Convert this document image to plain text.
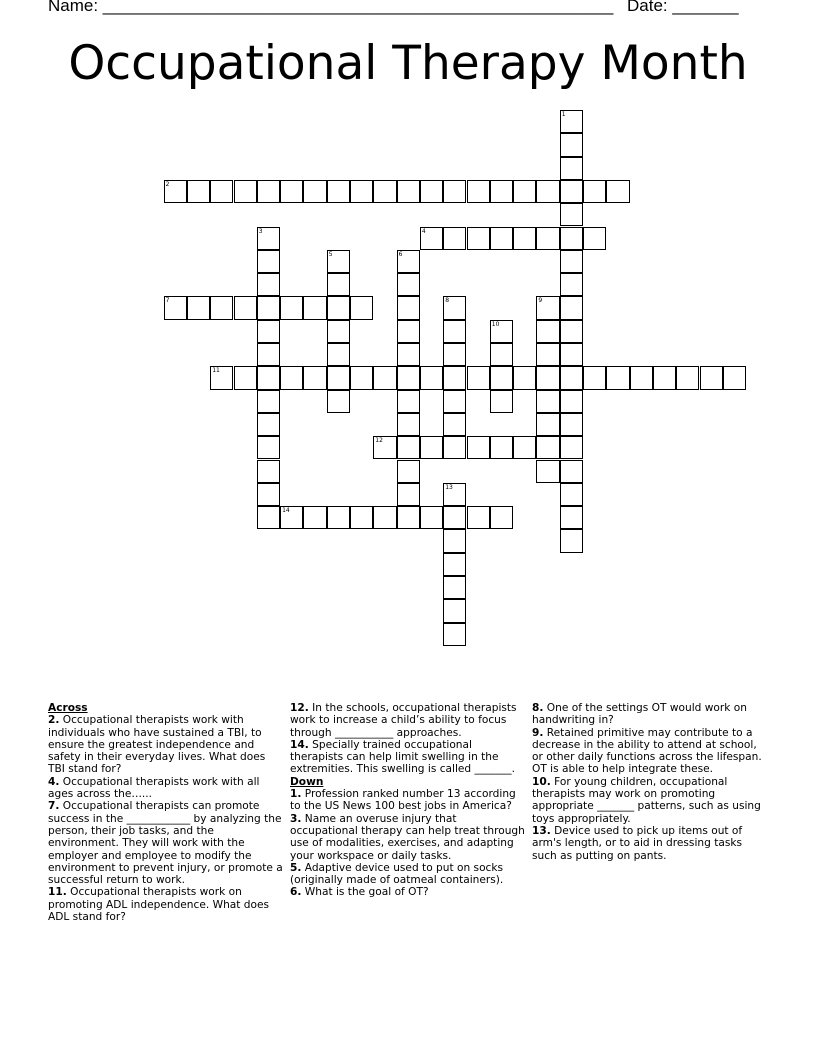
Name: ______________________________________________________ Date: _______
Occupational Therapy Month
1
2
3	4
5	6
7	8	9
10
11
12
13
14

Across

2. Occupational therapists work with individuals who have sustained a TBI, to ensure the greatest independence and safety in their everyday lives. What does TBI stand for?

4. Occupational therapists work with all ages across the…...

7. Occupational therapists can promote success in the ____________ by analyzing the person, their job tasks, and the environment. They will work with the employer and employee to modify the environment to prevent injury, or promote a successful return to work.

11. Occupational therapists work on promoting ADL independence. What does ADL stand for?

12. In the schools, occupational therapists work to increase a child’s ability to focus through ___________ approaches.

14. Specially trained occupational therapists can help limit swelling in the extremities. This swelling is called _______.

Down

1. Profession ranked number 13 according to the US News 100 best jobs in America?

3. Name an overuse injury that occupational therapy can help treat through use of modalities, exercises, and adapting your workspace or daily tasks.

5. Adaptive device used to put on socks (originally made of oatmeal containers).

6. What is the goal of OT?

8. One of the settings OT would work on handwriting in?

9. Retained primitive may contribute to a decrease in the ability to attend at school, or other daily functions across the lifespan. OT is able to help integrate these.

10. For young children, occupational therapists may work on promoting appropriate _______ patterns, such as using toys appropriately.

13. Device used to pick up items out of arm's length, or to aid in dressing tasks such as putting on pants.
